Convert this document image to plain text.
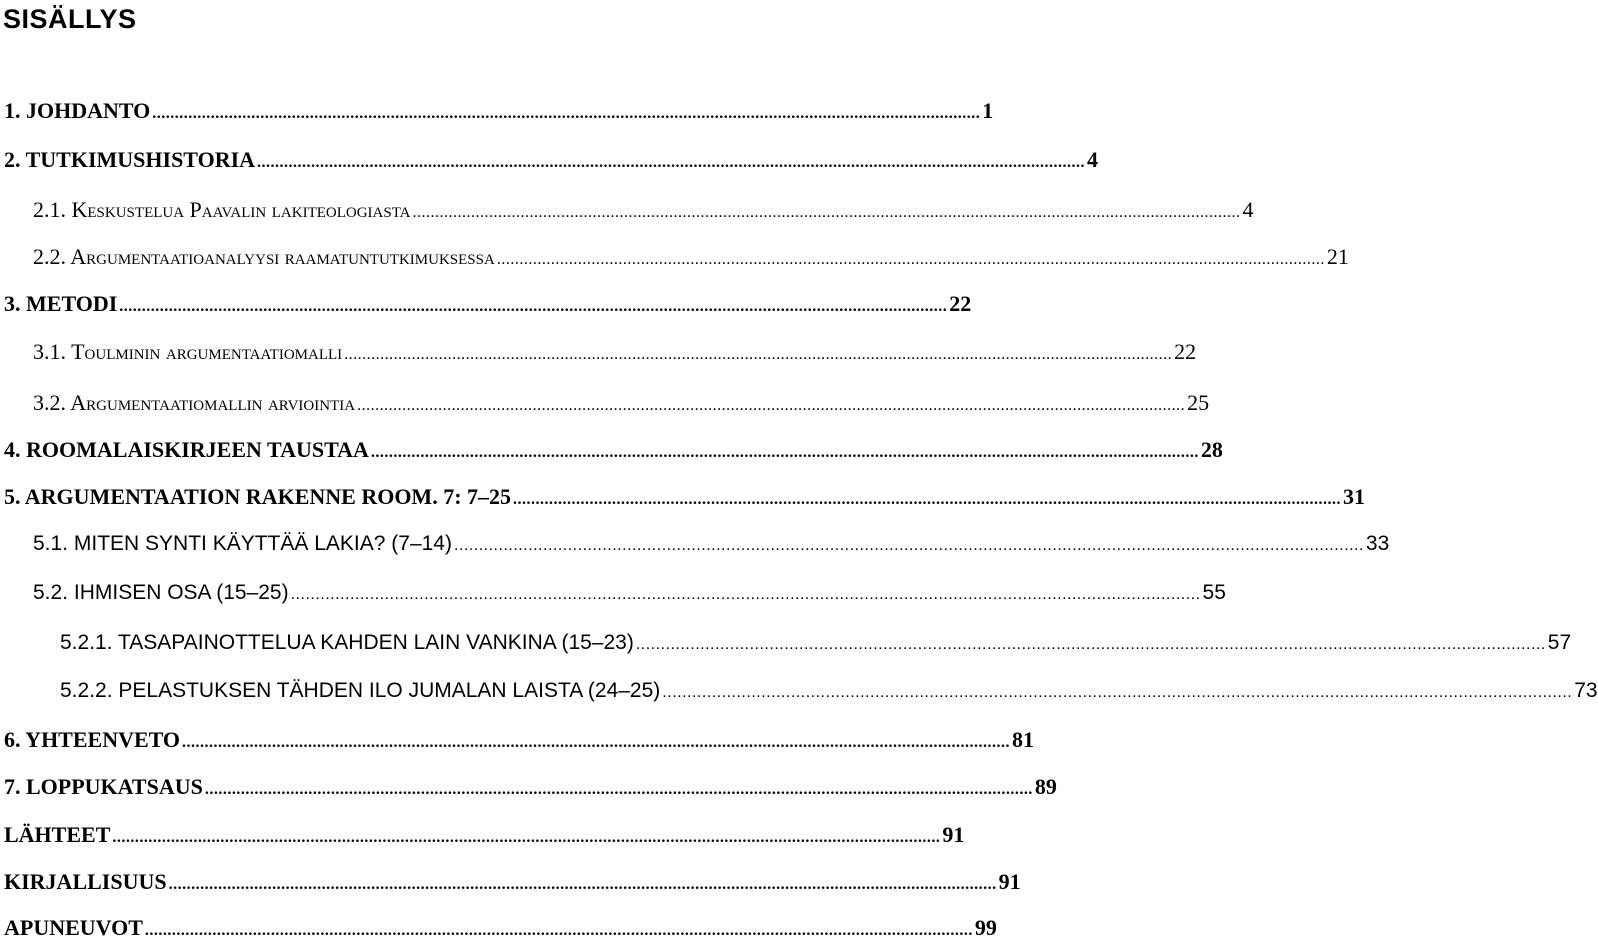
SISÄLLYS
1. JOHDANTO ........................................................................................................................................................................................ 1
2. TUTKIMUSHISTORIA ........................................................................................................................................................................................ 4
2.1. Keskustelua Paavalin lakiteologiasta ........................................................................................................................................................................................ 4
2.2. Argumentaatioanalyysi raamatuntutkimuksessa ........................................................................................................................................................................................ 21
3. METODI ........................................................................................................................................................................................ 22
3.1. Toulminin argumentaatiomalli ........................................................................................................................................................................................ 22
3.2. Argumentaatiomallin arviointia ........................................................................................................................................................................................ 25
4. ROOMALAISKIRJEEN TAUSTAA ........................................................................................................................................................................................ 28
5. ARGUMENTAATION RAKENNE ROOM. 7: 7–25 ........................................................................................................................................................................................ 31
5.1. MITEN SYNTI KÄYTTÄÄ LAKIA? (7–14) ........................................................................................................................................................................................ 33
5.2. IHMISEN OSA (15–25) ........................................................................................................................................................................................ 55
5.2.1. TASAPAINOTTELUA KAHDEN LAIN VANKINA (15–23) ........................................................................................................................................................................................ 57
5.2.2. PELASTUKSEN TÄHDEN ILO JUMALAN LAISTA (24–25) ........................................................................................................................................................................................ 73
6. YHTEENVETO ........................................................................................................................................................................................ 81
7. LOPPUKATSAUS ........................................................................................................................................................................................ 89
LÄHTEET ........................................................................................................................................................................................ 91
KIRJALLISUUS ........................................................................................................................................................................................ 91
APUNEUVOT ........................................................................................................................................................................................ 99
